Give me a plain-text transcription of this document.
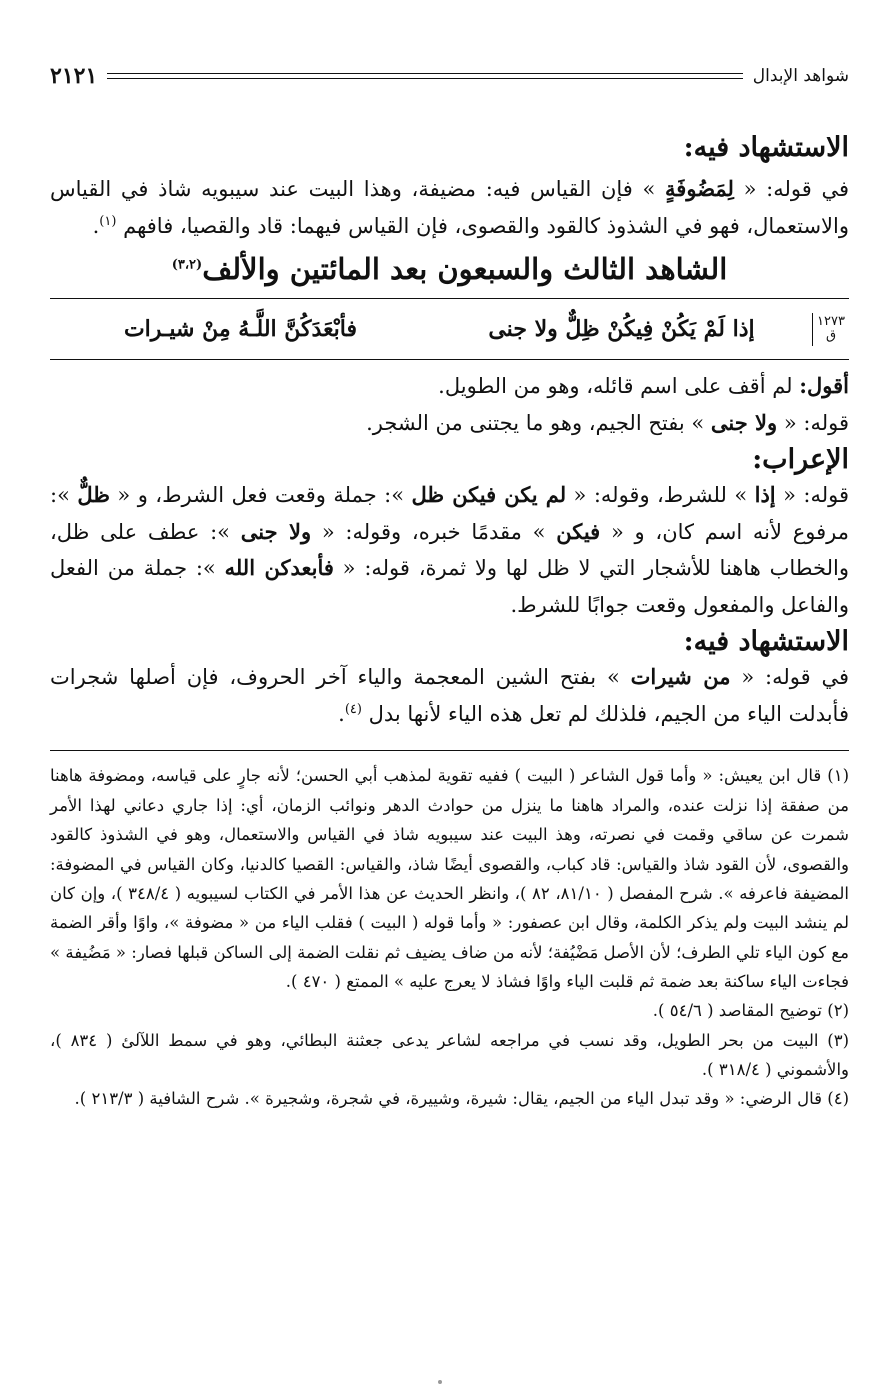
شواهد الإبدال
٢١٢١
الاستشهاد فيه:

في قوله: « لِمَضُوفَةٍ » فإن القياس فيه: مضيفة، وهذا البيت عند سيبويه شاذ في القياس والاستعمال، فهو في الشذوذ كالقود والقصوى، فإن القياس فيهما: قاد والقصيا، فافهم $^{(١)}$.

الشاهد الثالث والسبعون بعد المائتين والألف$^{(٣،٢)}$
١٢٧٣
ق
إذا لَمْ يَكُنْ فِيكُنْ ظِلٌّ ولا جنى
فأبْعَدَكُنَّ اللَّـهُ مِنْ شيـرات

أقول: لم أقف على اسم قائله، وهو من الطويل.

قوله: « ولا جنى » بفتح الجيم، وهو ما يجتنى من الشجر.

الإعراب:

قوله: « إذا » للشرط، وقوله: « لم يكن فيكن ظل »: جملة وقعت فعل الشرط، و « ظلٌّ »: مرفوع لأنه اسم كان، و « فيكن » مقدمًا خبره، وقوله: « ولا جنى »: عطف على ظل، والخطاب هاهنا للأشجار التي لا ظل لها ولا ثمرة، قوله: « فأبعدكن الله »: جملة من الفعل والفاعل والمفعول وقعت جوابًا للشرط.

الاستشهاد فيه:

في قوله: « من شيرات » بفتح الشين المعجمة والياء آخر الحروف، فإن أصلها شجرات فأبدلت الياء من الجيم، فلذلك لم تعل هذه الياء لأنها بدل $^{(٤)}$.

(١) قال ابن يعيش: « وأما قول الشاعر ( البيت ) ففيه تقوية لمذهب أبي الحسن؛ لأنه جارٍ على قياسه، ومضوفة هاهنا من صفقة إذا نزلت عنده، والمراد هاهنا ما ينزل من حوادث الدهر ونوائب الزمان، أي: إذا جاري دعاني لهذا الأمر شمرت عن ساقي وقمت في نصرته، وهذ البيت عند سيبويه شاذ في القياس والاستعمال، وهو في الشذوذ كالقود والقصوى، لأن القود شاذ والقياس: قاد كباب، والقصوى أيضًا شاذ، والقياس: القصيا كالدنيا، وكان القياس في المضوفة: المضيفة فاعرفه ». شرح المفصل ( ٨١/١٠، ٨٢ )، وانظر الحديث عن هذا الأمر في الكتاب لسيبويه ( ٣٤٨/٤ )، وإن كان لم ينشد البيت ولم يذكر الكلمة، وقال ابن عصفور: « وأما قوله ( البيت ) فقلب الياء من « مضوفة »، واوًا وأقر الضمة مع كون الياء تلي الطرف؛ لأن الأصل مَضْيُفة؛ لأنه من ضاف يضيف ثم نقلت الضمة إلى الساكن قبلها فصار: « مَضُيفة » فجاءت الياء ساكنة بعد ضمة ثم قلبت الياء واوًا فشاذ لا يعرج عليه » الممتع ( ٤٧٠ ).

(٢) توضيح المقاصد ( ٥٤/٦ ).

(٣) البيت من بحر الطويل، وقد نسب في مراجعه لشاعر يدعى جعثنة البطائي، وهو في سمط اللآلئ ( ٨٣٤ )، والأشموني ( ٣١٨/٤ ).

(٤) قال الرضي: « وقد تبدل الياء من الجيم، يقال: شيرة، وشييرة، في شجرة، وشجيرة ». شرح الشافية ( ٢١٣/٣ ).
